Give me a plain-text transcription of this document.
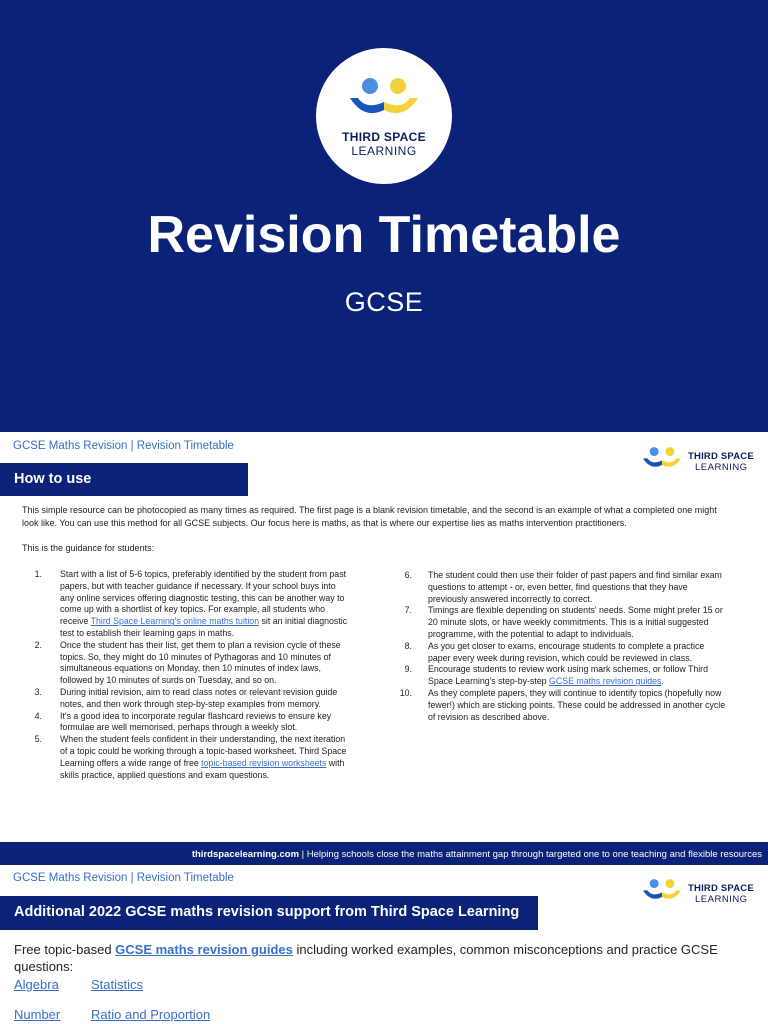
THIRD SPACE
LEARNING
Revision Timetable
GCSE
GCSE Maths Revision | Revision Timetable
THIRD SPACE
LEARNING
How to use

This simple resource can be photocopied as many times as required. The first page is a blank revision timetable, and the second is an example of what a completed one might look like. You can use this method for all GCSE subjects. Our focus here is maths, as that is where our expertise lies as maths intervention practitioners.

This is the guidance for students:

1. Start with a list of 5-6 topics, preferably identified by the student from past papers, but with teacher guidance if necessary. If your school buys into any online services offering diagnostic testing, this can be another way to come up with a shortlist of key topics. For example, all students who receive Third Space Learning's online maths tuition sit an initial diagnostic test to establish their learning gaps in maths.
2. Once the student has their list, get them to plan a revision cycle of these topics. So, they might do 10 minutes of Pythagoras and 10 minutes of simultaneous equations on Monday, then 10 minutes of index laws, followed by 10 minutes of surds on Tuesday, and so on.
3. During initial revision, aim to read class notes or relevant revision guide notes, and then work through step-by-step examples from memory.
4. It's a good idea to incorporate regular flashcard reviews to ensure key formulae are well memorised, perhaps through a weekly slot.
5. When the student feels confident in their understanding, the next iteration of a topic could be working through a topic-based worksheet. Third Space Learning offers a wide range of free topic-based revision worksheets with skills practice, applied questions and exam questions.
6. The student could then use their folder of past papers and find similar exam questions to attempt - or, even better, find questions that they have previously answered incorrectly to correct.
7. Timings are flexible depending on students' needs. Some might prefer 15 or 20 minute slots, or have weekly commitments. This is a initial suggested programme, with the potential to adapt to individuals.
8. As you get closer to exams, encourage students to complete a practice paper every week during revision, which could be reviewed in class.
9. Encourage students to review work using mark schemes, or follow Third Space Learning's step-by-step GCSE maths revision guides.
10. As they complete papers, they will continue to identify topics (hopefully now fewer!) which are sticking points. These could be addressed in another cycle of revision as described above.
thirdspacelearning.com | Helping schools close the maths attainment gap through targeted one to one teaching and flexible resources
GCSE Maths Revision | Revision Timetable
THIRD SPACE
LEARNING
Additional 2022 GCSE maths revision support from Third Space Learning

Free topic-based GCSE maths revision guides including worked examples, common misconceptions and practice GCSE questions:

Algebra Statistics
Number Ratio and Proportion
